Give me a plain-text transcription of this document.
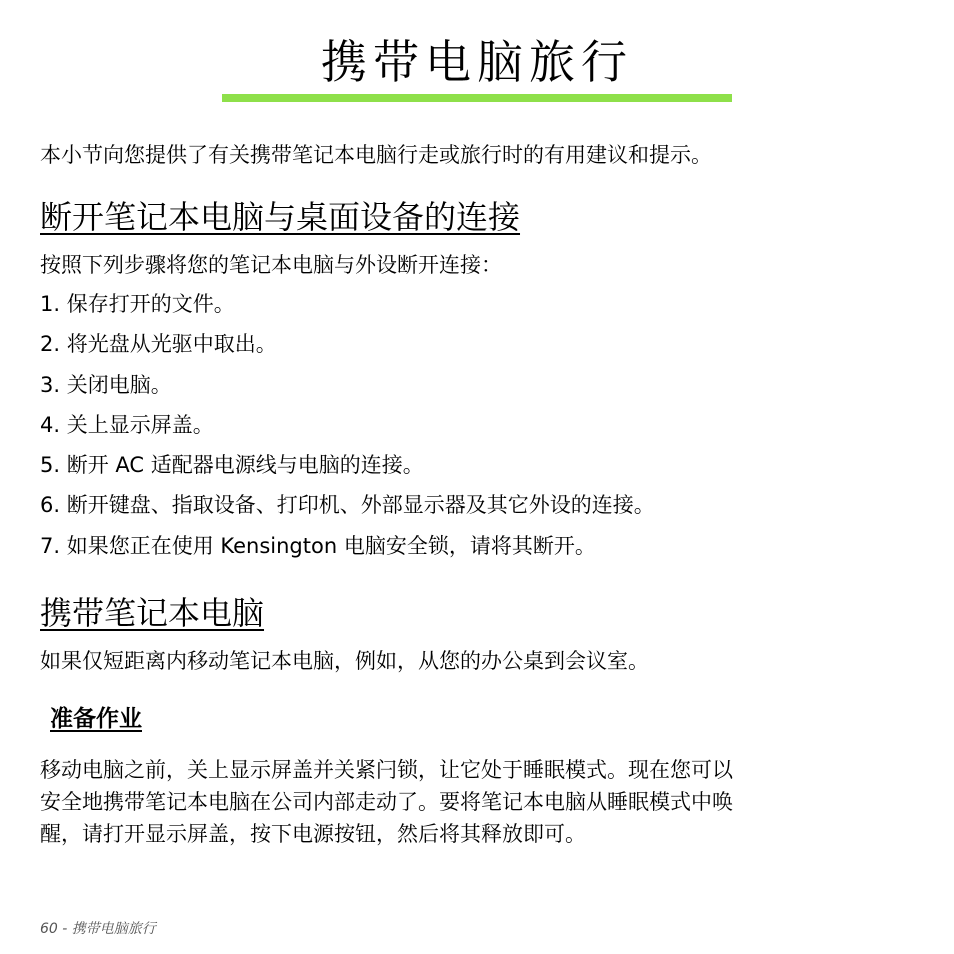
携带电脑旅行

本小节向您提供了有关携带笔记本电脑行走或旅行时的有用建议和提示。

断开笔记本电脑与桌面设备的连接

按照下列步骤将您的笔记本电脑与外设断开连接：

1. 保存打开的文件。
2. 将光盘从光驱中取出。
3. 关闭电脑。
4. 关上显示屏盖。
5. 断开 AC 适配器电源线与电脑的连接。
6. 断开键盘、指取设备、打印机、外部显示器及其它外设的连接。
7. 如果您正在使用 Kensington 电脑安全锁，请将其断开。
携带笔记本电脑

如果仅短距离内移动笔记本电脑，例如，从您的办公桌到会议室。

准备作业

移动电脑之前，关上显示屏盖并关紧闩锁，让它处于睡眠模式。现在您可以
安全地携带笔记本电脑在公司内部走动了。要将笔记本电脑从睡眠模式中唤
醒，请打开显示屏盖，按下电源按钮，然后将其释放即可。

60 - 携带电脑旅行
